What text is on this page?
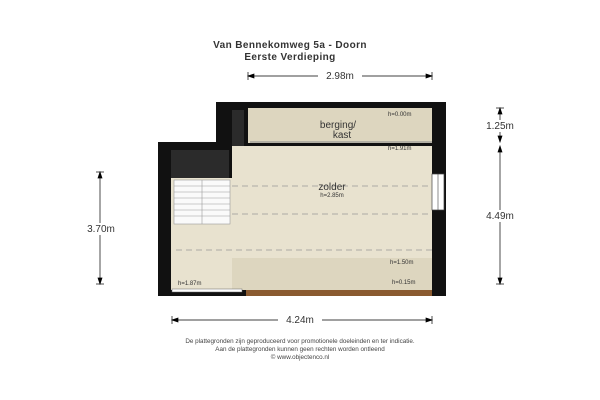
Van Bennekomweg 5a - Doorn
Eerste Verdieping
berging/
kast
zolder
h=0.00m
h=1.91m
h=2.85m
h=1.50m
h=0.15m
h=1.87m
2.98m
1.25m
4.49m
3.70m
4.24m
De plattegronden zijn geproduceerd voor promotionele doeleinden en ter indicatie.
Aan de plattegronden kunnen geen rechten worden ontleend
© www.objectenco.nl
